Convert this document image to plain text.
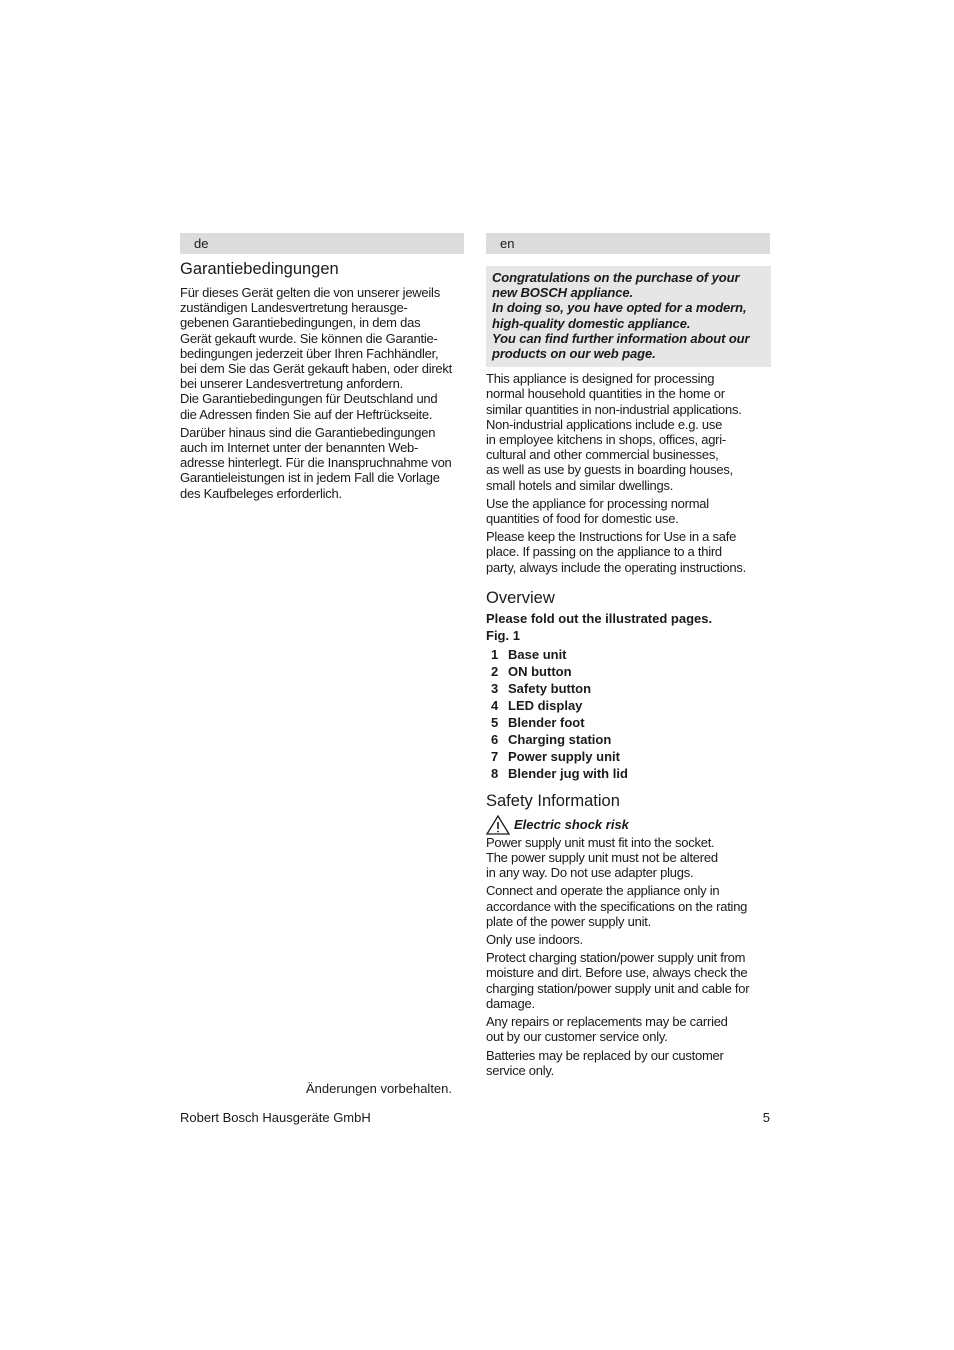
de
Garantiebedingungen

Für dieses Gerät gelten die von unserer jeweils
zuständigen Landesvertretung herausge-
gebenen Garantiebedingungen, in dem das
Gerät gekauft wurde. Sie können die Garantie-
bedingungen jederzeit über Ihren Fachhändler,
bei dem Sie das Gerät gekauft haben, oder direkt
bei unserer Landesvertretung anfordern.
Die Garantiebedingungen für Deutschland und
die Adressen finden Sie auf der Heftrückseite.

Darüber hinaus sind die Garantiebedingungen
auch im Internet unter der benannten Web-
adresse hinterlegt. Für die Inanspruchnahme von
Garantieleistungen ist in jedem Fall die Vorlage
des Kaufbeleges erforderlich.

en
Congratulations on the purchase of your
new BOSCH appliance.
In doing so, you have opted for a modern,
high-quality domestic appliance.
You can find further information about our
products on our web page.

This appliance is designed for processing
normal household quantities in the home or
similar quantities in non-industrial applications.
Non-industrial applications include e.g. use
in employee kitchens in shops, offices, agri-
cultural and other commercial businesses,
as well as use by guests in boarding houses,
small hotels and similar dwellings.

Use the appliance for processing normal
quantities of food for domestic use.

Please keep the Instructions for Use in a safe
place. If passing on the appliance to a third
party, always include the operating instructions.

Overview
Please fold out the illustrated pages.
Fig. 1
1 Base unit
2 ON button
3 Safety button
4 LED display
5 Blender foot
6 Charging station
7 Power supply unit
8 Blender jug with lid
Safety Information
Electric shock risk

Power supply unit must fit into the socket.
The power supply unit must not be altered
in any way. Do not use adapter plugs.

Connect and operate the appliance only in
accordance with the specifications on the rating
plate of the power supply unit.

Only use indoors.

Protect charging station/power supply unit from
moisture and dirt. Before use, always check the
charging station/power supply unit and cable for
damage.

Any repairs or replacements may be carried
out by our customer service only.

Batteries may be replaced by our customer
service only.

Änderungen vorbehalten.
Robert Bosch Hausgeräte GmbH	5
